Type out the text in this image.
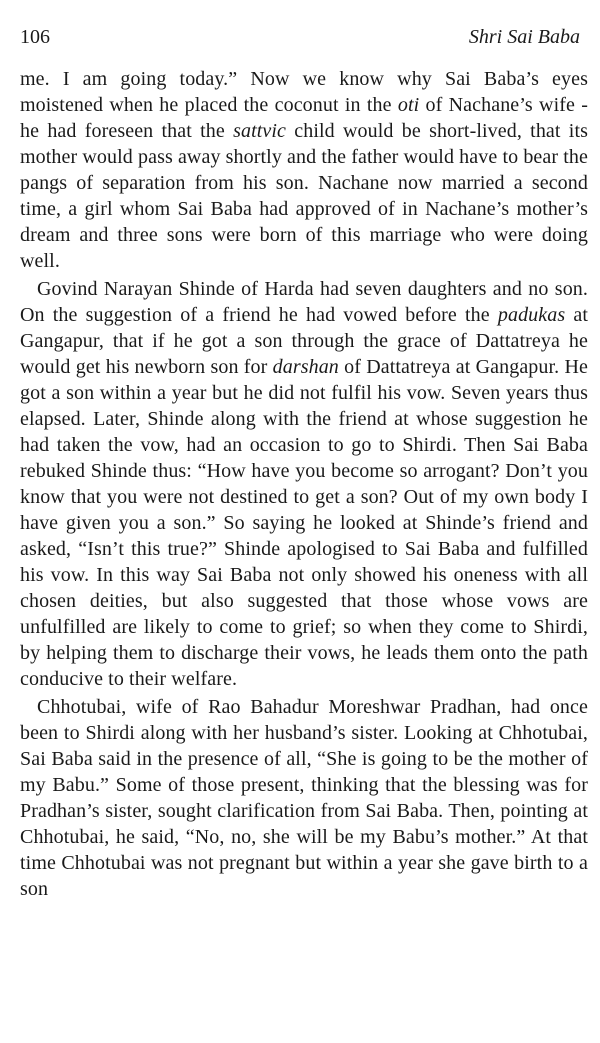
106	Shri Sai Baba

me. I am going today.” Now we know why Sai Baba’s eyes moistened when he placed the coconut in the oti of Nachane’s wife - he had foreseen that the sattvic child would be short-lived, that its mother would pass away shortly and the father would have to bear the pangs of separation from his son. Nachane now married a second time, a girl whom Sai Baba had approved of in Nachane’s mother’s dream and three sons were born of this marriage who were doing well.

Govind Narayan Shinde of Harda had seven daughters and no son. On the suggestion of a friend he had vowed before the padukas at Gangapur, that if he got a son through the grace of Dattatreya he would get his newborn son for darshan of Dattatreya at Gangapur. He got a son within a year but he did not fulfil his vow. Seven years thus elapsed. Later, Shinde along with the friend at whose suggestion he had taken the vow, had an occasion to go to Shirdi. Then Sai Baba rebuked Shinde thus: “How have you become so arrogant? Don’t you know that you were not destined to get a son? Out of my own body I have given you a son.” So saying he looked at Shinde’s friend and asked, “Isn’t this true?” Shinde apologised to Sai Baba and fulfilled his vow. In this way Sai Baba not only showed his oneness with all chosen deities, but also suggested that those whose vows are unfulfilled are likely to come to grief; so when they come to Shirdi, by helping them to discharge their vows, he leads them onto the path conducive to their welfare.

Chhotubai, wife of Rao Bahadur Moreshwar Pradhan, had once been to Shirdi along with her husband’s sister. Looking at Chhotubai, Sai Baba said in the presence of all, “She is going to be the mother of my Babu.” Some of those present, thinking that the blessing was for Pradhan’s sister, sought clarification from Sai Baba. Then, pointing at Chhotubai, he said, “No, no, she will be my Babu’s mother.” At that time Chhotubai was not pregnant but within a year she gave birth to a son
